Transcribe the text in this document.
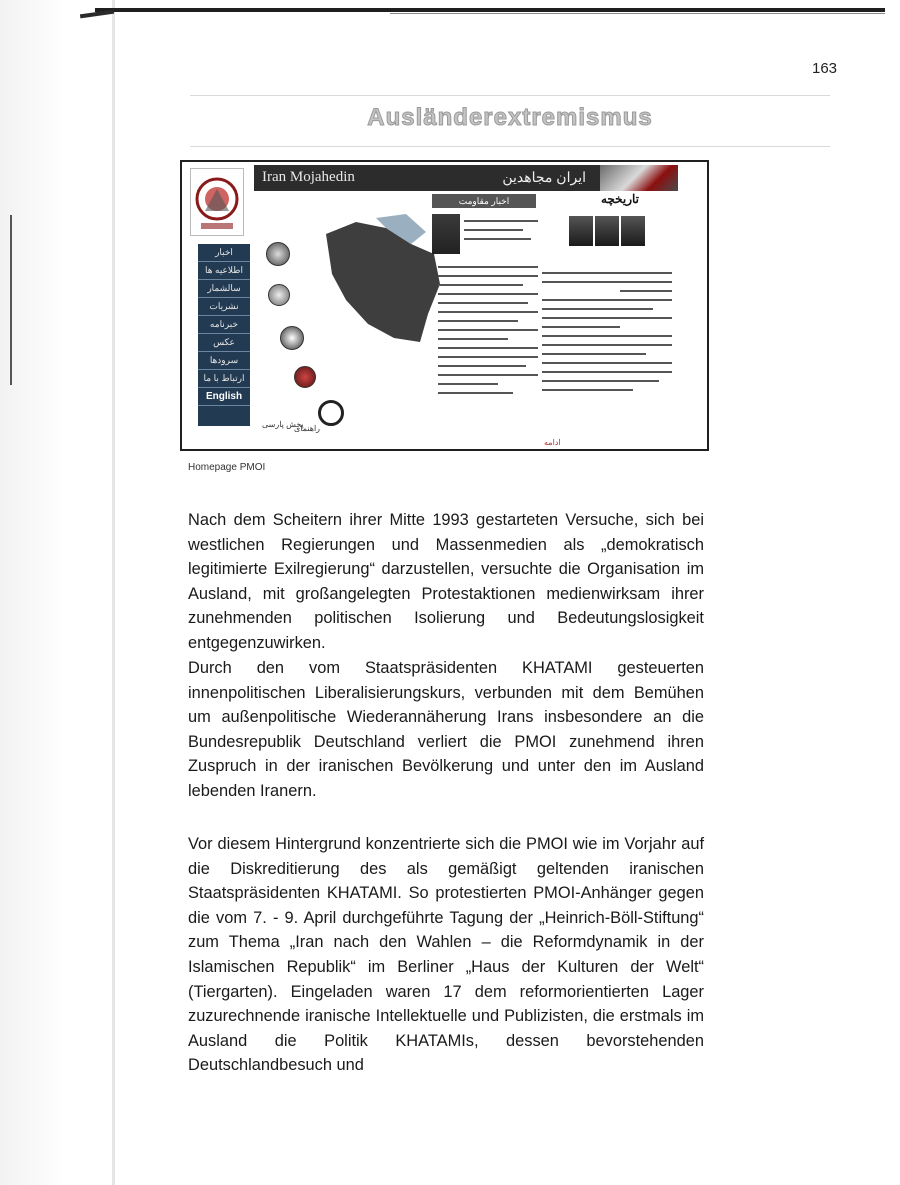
163
Ausländerextremismus
Iran Mojahedin	ایران مجاهدین
اخبار
اطلاعیه ها
سالشمار
نشریات
خبرنامه
عکس
سرودها
ارتباط با ما
English
پخش پارسی
راهنمای
اخبار مقاومت	تاریخچه
ادامه
Homepage PMOI

Nach dem Scheitern ihrer Mitte 1993 gestarteten Versuche, sich bei westlichen Regierungen und Massenmedien als „demokratisch legitimierte Exilregierung“ darzustellen, versuchte die Organisation im Ausland, mit großangelegten Protestaktionen medienwirksam ihrer zunehmenden politischen Isolierung und Bedeutungslosigkeit entgegenzuwirken.

Durch den vom Staatspräsidenten KHATAMI gesteuerten innenpolitischen Liberalisierungskurs, verbunden mit dem Bemühen um außenpolitische Wiederannäherung Irans insbesondere an die Bundesrepublik Deutschland verliert die PMOI zunehmend ihren Zuspruch in der iranischen Bevölkerung und unter den im Ausland lebenden Iranern.

Vor diesem Hintergrund konzentrierte sich die PMOI wie im Vorjahr auf die Diskreditierung des als gemäßigt geltenden iranischen Staatspräsidenten KHATAMI. So protestierten PMOI-Anhänger gegen die vom 7. - 9. April durchgeführte Tagung der „Heinrich-Böll-Stiftung“ zum Thema „Iran nach den Wahlen – die Reformdynamik in der Islamischen Republik“ im Berliner „Haus der Kulturen der Welt“ (Tiergarten). Eingeladen waren 17 dem reformorientierten Lager zuzurechnende iranische Intellektuelle und Publizisten, die erstmals im Ausland die Politik KHATAMIs, dessen bevorstehenden Deutschlandbesuch und
